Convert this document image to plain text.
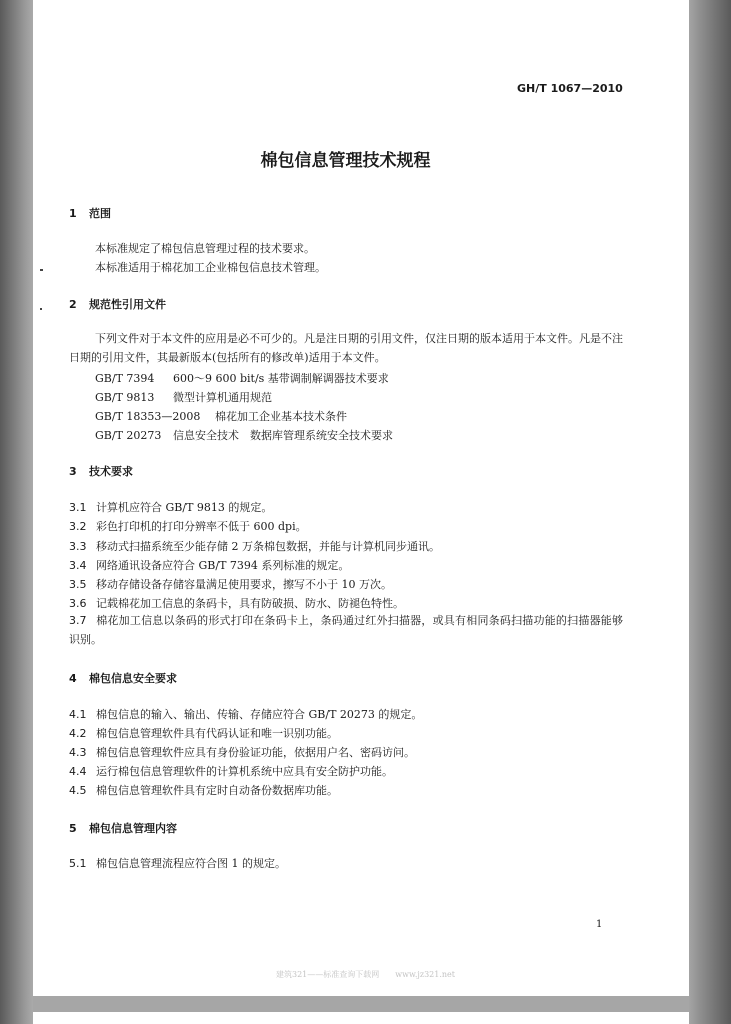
GH/T 1067—2010
棉包信息管理技术规程
1 范围
本标准规定了棉包信息管理过程的技术要求。
本标准适用于棉花加工企业棉包信息技术管理。
2 规范性引用文件
下列文件对于本文件的应用是必不可少的。凡是注日期的引用文件，仅注日期的版本适用于本文件。凡是不注日期的引用文件，其最新版本(包括所有的修改单)适用于本文件。
GB/T 7394 600～9 600 bit/s 基带调制解调器技术要求
GB/T 9813 微型计算机通用规范
GB/T 18353—2008 棉花加工企业基本技术条件
GB/T 20273 信息安全技术　数据库管理系统安全技术要求
3 技术要求
3.1 计算机应符合 GB/T 9813 的规定。
3.2 彩色打印机的打印分辨率不低于 600 dpi。
3.3 移动式扫描系统至少能存储 2 万条棉包数据，并能与计算机同步通讯。
3.4 网络通讯设备应符合 GB/T 7394 系列标准的规定。
3.5 移动存储设备存储容量满足使用要求，擦写不小于 10 万次。
3.6 记载棉花加工信息的条码卡，具有防破损、防水、防褪色特性。
3.7 棉花加工信息以条码的形式打印在条码卡上，条码通过红外扫描器，或具有相同条码扫描功能的扫描器能够识别。
4 棉包信息安全要求
4.1 棉包信息的输入、输出、传输、存储应符合 GB/T 20273 的规定。
4.2 棉包信息管理软件具有代码认证和唯一识别功能。
4.3 棉包信息管理软件应具有身份验证功能，依据用户名、密码访问。
4.4 运行棉包信息管理软件的计算机系统中应具有安全防护功能。
4.5 棉包信息管理软件具有定时自动备份数据库功能。
5 棉包信息管理内容
5.1 棉包信息管理流程应符合图 1 的规定。
1
建筑321——标准查询下载网　　www.jz321.net
